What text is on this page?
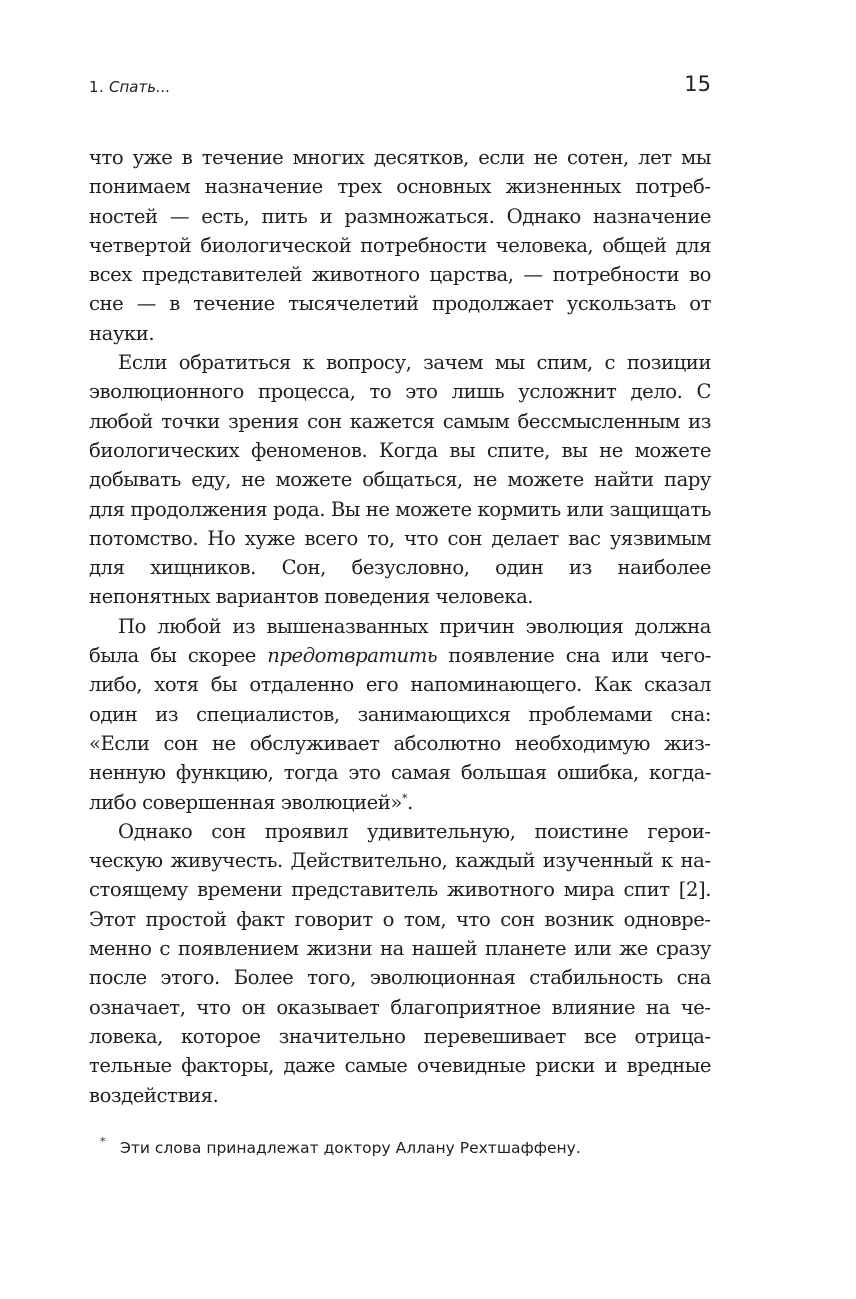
1. Спать...	15

что уже в течение многих десятков, если не сотен, лет мы понимаем назначение трех основных жизненных потребностей — есть, пить и размножаться. Однако назначение четвертой биологической потребности человека, общей для всех представителей животного царства, — потребности во сне — в течение тысячелетий продолжает ускользать от науки.

Если обратиться к вопросу, зачем мы спим, с позиции эволюционного процесса, то это лишь усложнит дело. С любой точки зрения сон кажется самым бессмысленным из биологических феноменов. Когда вы спите, вы не можете добывать еду, не можете общаться, не можете найти пару для продолжения рода. Вы не можете кормить или защищать потомство. Но хуже всего то, что сон делает вас уязвимым для хищников. Сон, безусловно, один из наиболее непонятных вариантов поведения человека.

По любой из вышеназванных причин эволюция должна была бы скорее предотвратить появление сна или чего-либо, хотя бы отдаленно его напоминающего. Как сказал один из специалистов, занимающихся проблемами сна: «Если сон не обслуживает абсолютно необходимую жизненную функцию, тогда это самая большая ошибка, когда-либо совершенная эволюцией»*.

Однако сон проявил удивительную, поистине героическую живучесть. Действительно, каждый изученный к настоящему времени представитель животного мира спит [2]. Этот простой факт говорит о том, что сон возник одновременно с появлением жизни на нашей планете или же сразу после этого. Более того, эволюционная стабильность сна означает, что он оказывает благоприятное влияние на человека, которое значительно перевешивает все отрицательные факторы, даже самые очевидные риски и вредные воздействия.

* Эти слова принадлежат доктору Аллану Рехтшаффену.
